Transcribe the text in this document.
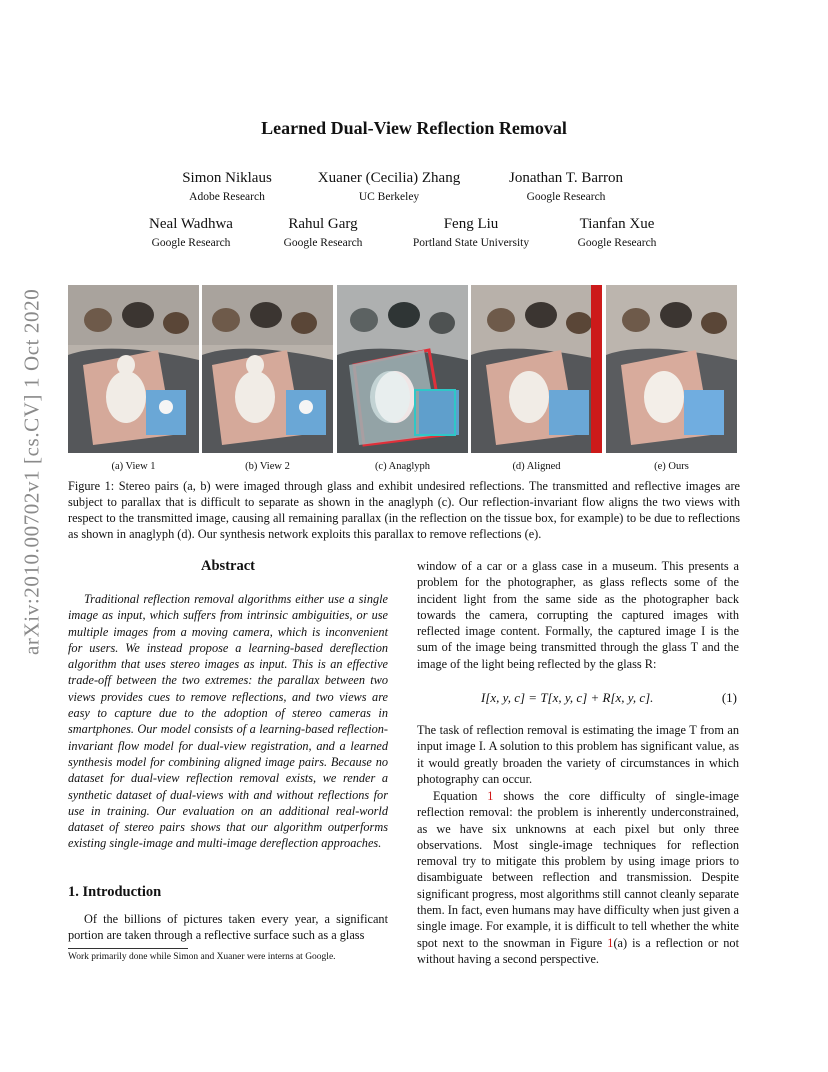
arXiv:2010.00702v1 [cs.CV] 1 Oct 2020
Learned Dual-View Reflection Removal
Simon Niklaus
Adobe Research
Xuaner (Cecilia) Zhang
UC Berkeley
Jonathan T. Barron
Google Research
Neal Wadhwa
Google Research
Rahul Garg
Google Research
Feng Liu
Portland State University
Tianfan Xue
Google Research
(a) View 1	(b) View 2	(c) Anaglyph	(d) Aligned	(e) Ours
Figure 1: Stereo pairs (a, b) were imaged through glass and exhibit undesired reflections. The transmitted and reflective images are subject to parallax that is difficult to separate as shown in the anaglyph (c). Our reflection-invariant flow aligns the two views with respect to the transmitted image, causing all remaining parallax (in the reflection on the tissue box, for example) to be due to reflections as shown in anaglyph (d). Our synthesis network exploits this parallax to remove reflections (e).
Abstract
Traditional reflection removal algorithms either use a single image as input, which suffers from intrinsic ambiguities, or use multiple images from a moving camera, which is inconvenient for users. We instead propose a learning-based dereflection algorithm that uses stereo images as input. This is an effective trade-off between the two extremes: the parallax between two views provides cues to remove reflections, and two views are easy to capture due to the adoption of stereo cameras in smartphones. Our model consists of a learning-based reflection-invariant flow model for dual-view registration, and a learned synthesis model for combining aligned image pairs. Because no dataset for dual-view reflection removal exists, we render a synthetic dataset of dual-views with and without reflections for use in training. Our evaluation on an additional real-world dataset of stereo pairs shows that our algorithm outperforms existing single-image and multi-image dereflection approaches.
1. Introduction
Of the billions of pictures taken every year, a significant portion are taken through a reflective surface such as a glass
Work primarily done while Simon and Xuaner were interns at Google.
window of a car or a glass case in a museum. This presents a problem for the photographer, as glass reflects some of the incident light from the same side as the photographer back towards the camera, corrupting the captured images with reflected image content. Formally, the captured image I is the sum of the image being transmitted through the glass T and the image of the light being reflected by the glass R:
I[x, y, c] = T[x, y, c] + R[x, y, c].	(1)
The task of reflection removal is estimating the image T from an input image I. A solution to this problem has significant value, as it would greatly broaden the variety of circumstances in which photography can occur.
Equation 1 shows the core difficulty of single-image reflection removal: the problem is inherently underconstrained, as we have six unknowns at each pixel but only three observations. Most single-image techniques for reflection removal try to mitigate this problem by using image priors to disambiguate between reflection and transmission. Despite significant progress, most algorithms still cannot cleanly separate them. In fact, even humans may have difficulty when just given a single image. For example, it is difficult to tell whether the white spot next to the snowman in Figure 1(a) is a reflection or not without having a second perspective.
